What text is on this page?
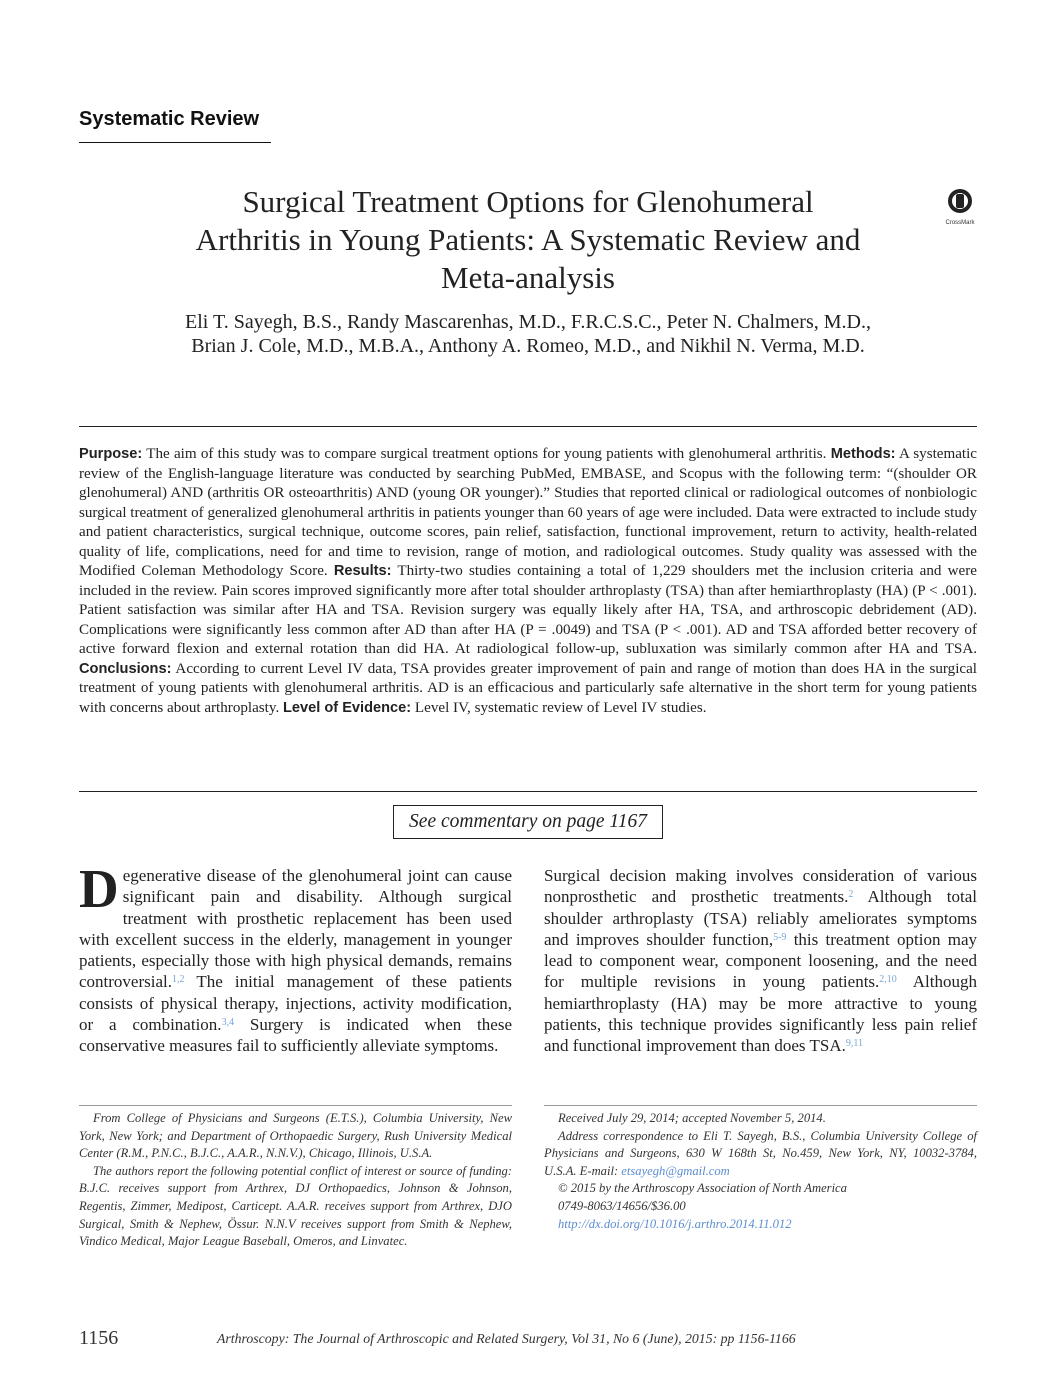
Systematic Review
Surgical Treatment Options for Glenohumeral
Arthritis in Young Patients: A Systematic Review and
Meta-analysis
CrossMark
Eli T. Sayegh, B.S., Randy Mascarenhas, M.D., F.R.C.S.C., Peter N. Chalmers, M.D.,
Brian J. Cole, M.D., M.B.A., Anthony A. Romeo, M.D., and Nikhil N. Verma, M.D.
Purpose: The aim of this study was to compare surgical treatment options for young patients with glenohumeral arthritis. Methods: A systematic review of the English-language literature was conducted by searching PubMed, EMBASE, and Scopus with the following term: “(shoulder OR glenohumeral) AND (arthritis OR osteoarthritis) AND (young OR younger).” Studies that reported clinical or radiological outcomes of nonbiologic surgical treatment of generalized glenohumeral arthritis in patients younger than 60 years of age were included. Data were extracted to include study and patient characteristics, surgical technique, outcome scores, pain relief, satisfaction, functional improvement, return to activity, health-related quality of life, complications, need for and time to revision, range of motion, and radiological outcomes. Study quality was assessed with the Modified Coleman Methodology Score. Results: Thirty-two studies containing a total of 1,229 shoulders met the inclusion criteria and were included in the review. Pain scores improved significantly more after total shoulder arthroplasty (TSA) than after hemiarthroplasty (HA) (P < .001). Patient satisfaction was similar after HA and TSA. Revision surgery was equally likely after HA, TSA, and arthroscopic debridement (AD). Complications were significantly less common after AD than after HA (P = .0049) and TSA (P < .001). AD and TSA afforded better recovery of active forward flexion and external rotation than did HA. At radiological follow-up, subluxation was similarly common after HA and TSA. Conclusions: According to current Level IV data, TSA provides greater improvement of pain and range of motion than does HA in the surgical treatment of young patients with glenohumeral arthritis. AD is an efficacious and particularly safe alternative in the short term for young patients with concerns about arthroplasty. Level of Evidence: Level IV, systematic review of Level IV studies.
See commentary on page 1167
Degenerative disease of the glenohumeral joint can cause significant pain and disability. Although surgical treatment with prosthetic replacement has been used with excellent success in the elderly, management in younger patients, especially those with high physical demands, remains controversial.$^{1,2}$ The initial management of these patients consists of physical therapy, injections, activity modification, or a combination.$^{3,4}$ Surgery is indicated when these conservative measures fail to sufficiently alleviate symptoms.
Surgical decision making involves consideration of various nonprosthetic and prosthetic treatments.$^2$ Although total shoulder arthroplasty (TSA) reliably ameliorates symptoms and improves shoulder function,$^{5-9}$ this treatment option may lead to component wear, component loosening, and the need for multiple revisions in young patients.$^{2,10}$ Although hemiarthroplasty (HA) may be more attractive to young patients, this technique provides significantly less pain relief and functional improvement than does TSA.$^{9,11}$

From College of Physicians and Surgeons (E.T.S.), Columbia University, New York, New York; and Department of Orthopaedic Surgery, Rush University Medical Center (R.M., P.N.C., B.J.C., A.A.R., N.N.V.), Chicago, Illinois, U.S.A.

The authors report the following potential conflict of interest or source of funding: B.J.C. receives support from Arthrex, DJ Orthopaedics, Johnson & Johnson, Regentis, Zimmer, Medipost, Carticept. A.A.R. receives support from Arthrex, DJO Surgical, Smith & Nephew, Össur. N.N.V receives support from Smith & Nephew, Vindico Medical, Major League Baseball, Omeros, and Linvatec.

Received July 29, 2014; accepted November 5, 2014.

Address correspondence to Eli T. Sayegh, B.S., Columbia University College of Physicians and Surgeons, 630 W 168th St, No.459, New York, NY, 10032-3784, U.S.A. E-mail: etsayegh@gmail.com

© 2015 by the Arthroscopy Association of North America

0749-8063/14656/$36.00

http://dx.doi.org/10.1016/j.arthro.2014.11.012

1156	Arthroscopy: The Journal of Arthroscopic and Related Surgery, Vol 31, No 6 (June), 2015: pp 1156-1166
